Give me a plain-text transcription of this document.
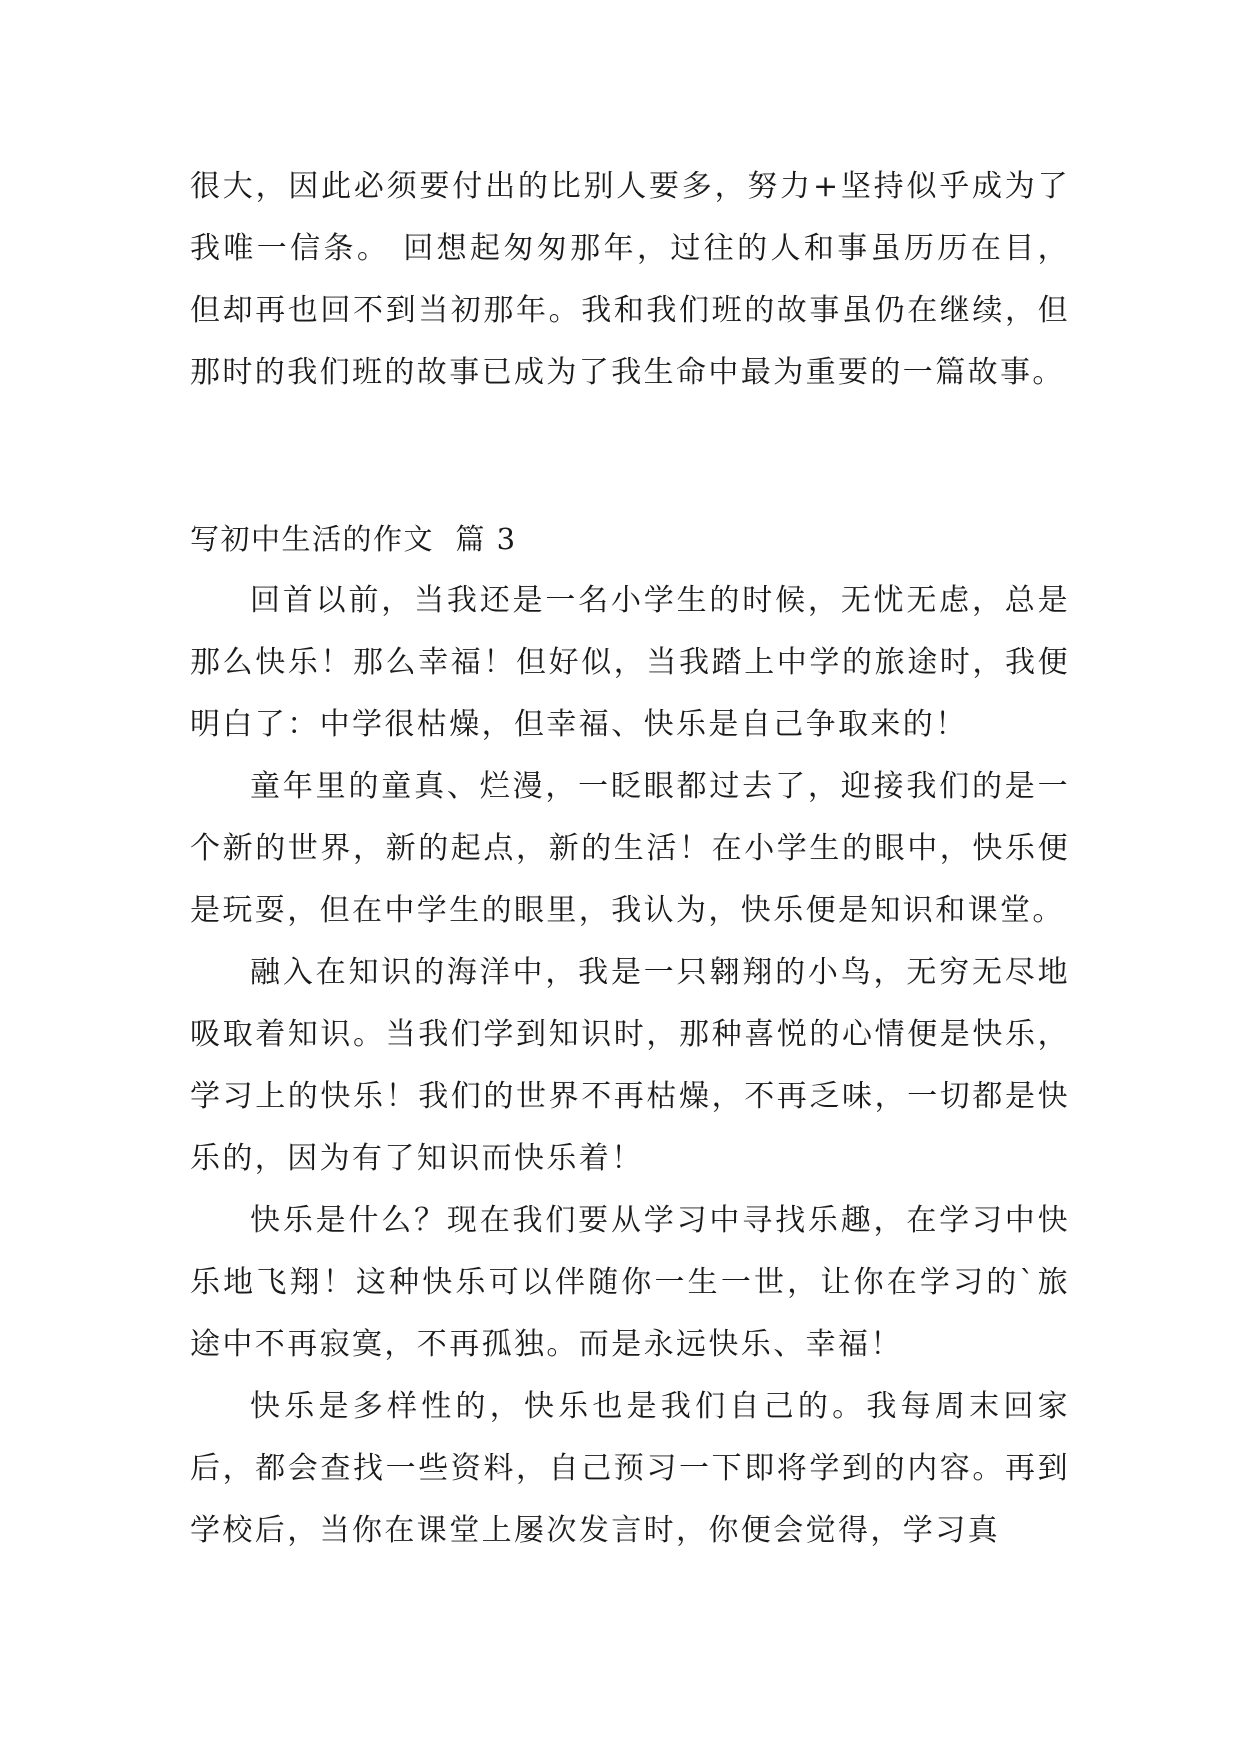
很大，因此必须要付出的比别人要多，努力+坚持似乎成为了我唯一信条。 回想起匆匆那年，过往的人和事虽历历在目，但却再也回不到当初那年。我和我们班的故事虽仍在继续，但那时的我们班的故事已成为了我生命中最为重要的一篇故事。

写初中生活的作文  篇 3

回首以前，当我还是一名小学生的时候，无忧无虑，总是那么快乐！那么幸福！但好似，当我踏上中学的旅途时，我便明白了：中学很枯燥，但幸福、快乐是自己争取来的！

童年里的童真、烂漫，一眨眼都过去了，迎接我们的是一个新的世界，新的起点，新的生活！在小学生的眼中，快乐便是玩耍，但在中学生的眼里，我认为，快乐便是知识和课堂。

融入在知识的海洋中，我是一只翱翔的小鸟，无穷无尽地吸取着知识。当我们学到知识时，那种喜悦的心情便是快乐，学习上的快乐！我们的世界不再枯燥，不再乏味，一切都是快乐的，因为有了知识而快乐着！

快乐是什么？现在我们要从学习中寻找乐趣，在学习中快乐地飞翔！这种快乐可以伴随你一生一世，让你在学习的`旅途中不再寂寞，不再孤独。而是永远快乐、幸福！

快乐是多样性的，快乐也是我们自己的。我每周末回家后，都会查找一些资料，自己预习一下即将学到的内容。再到学校后，当你在课堂上屡次发言时，你便会觉得，学习真
